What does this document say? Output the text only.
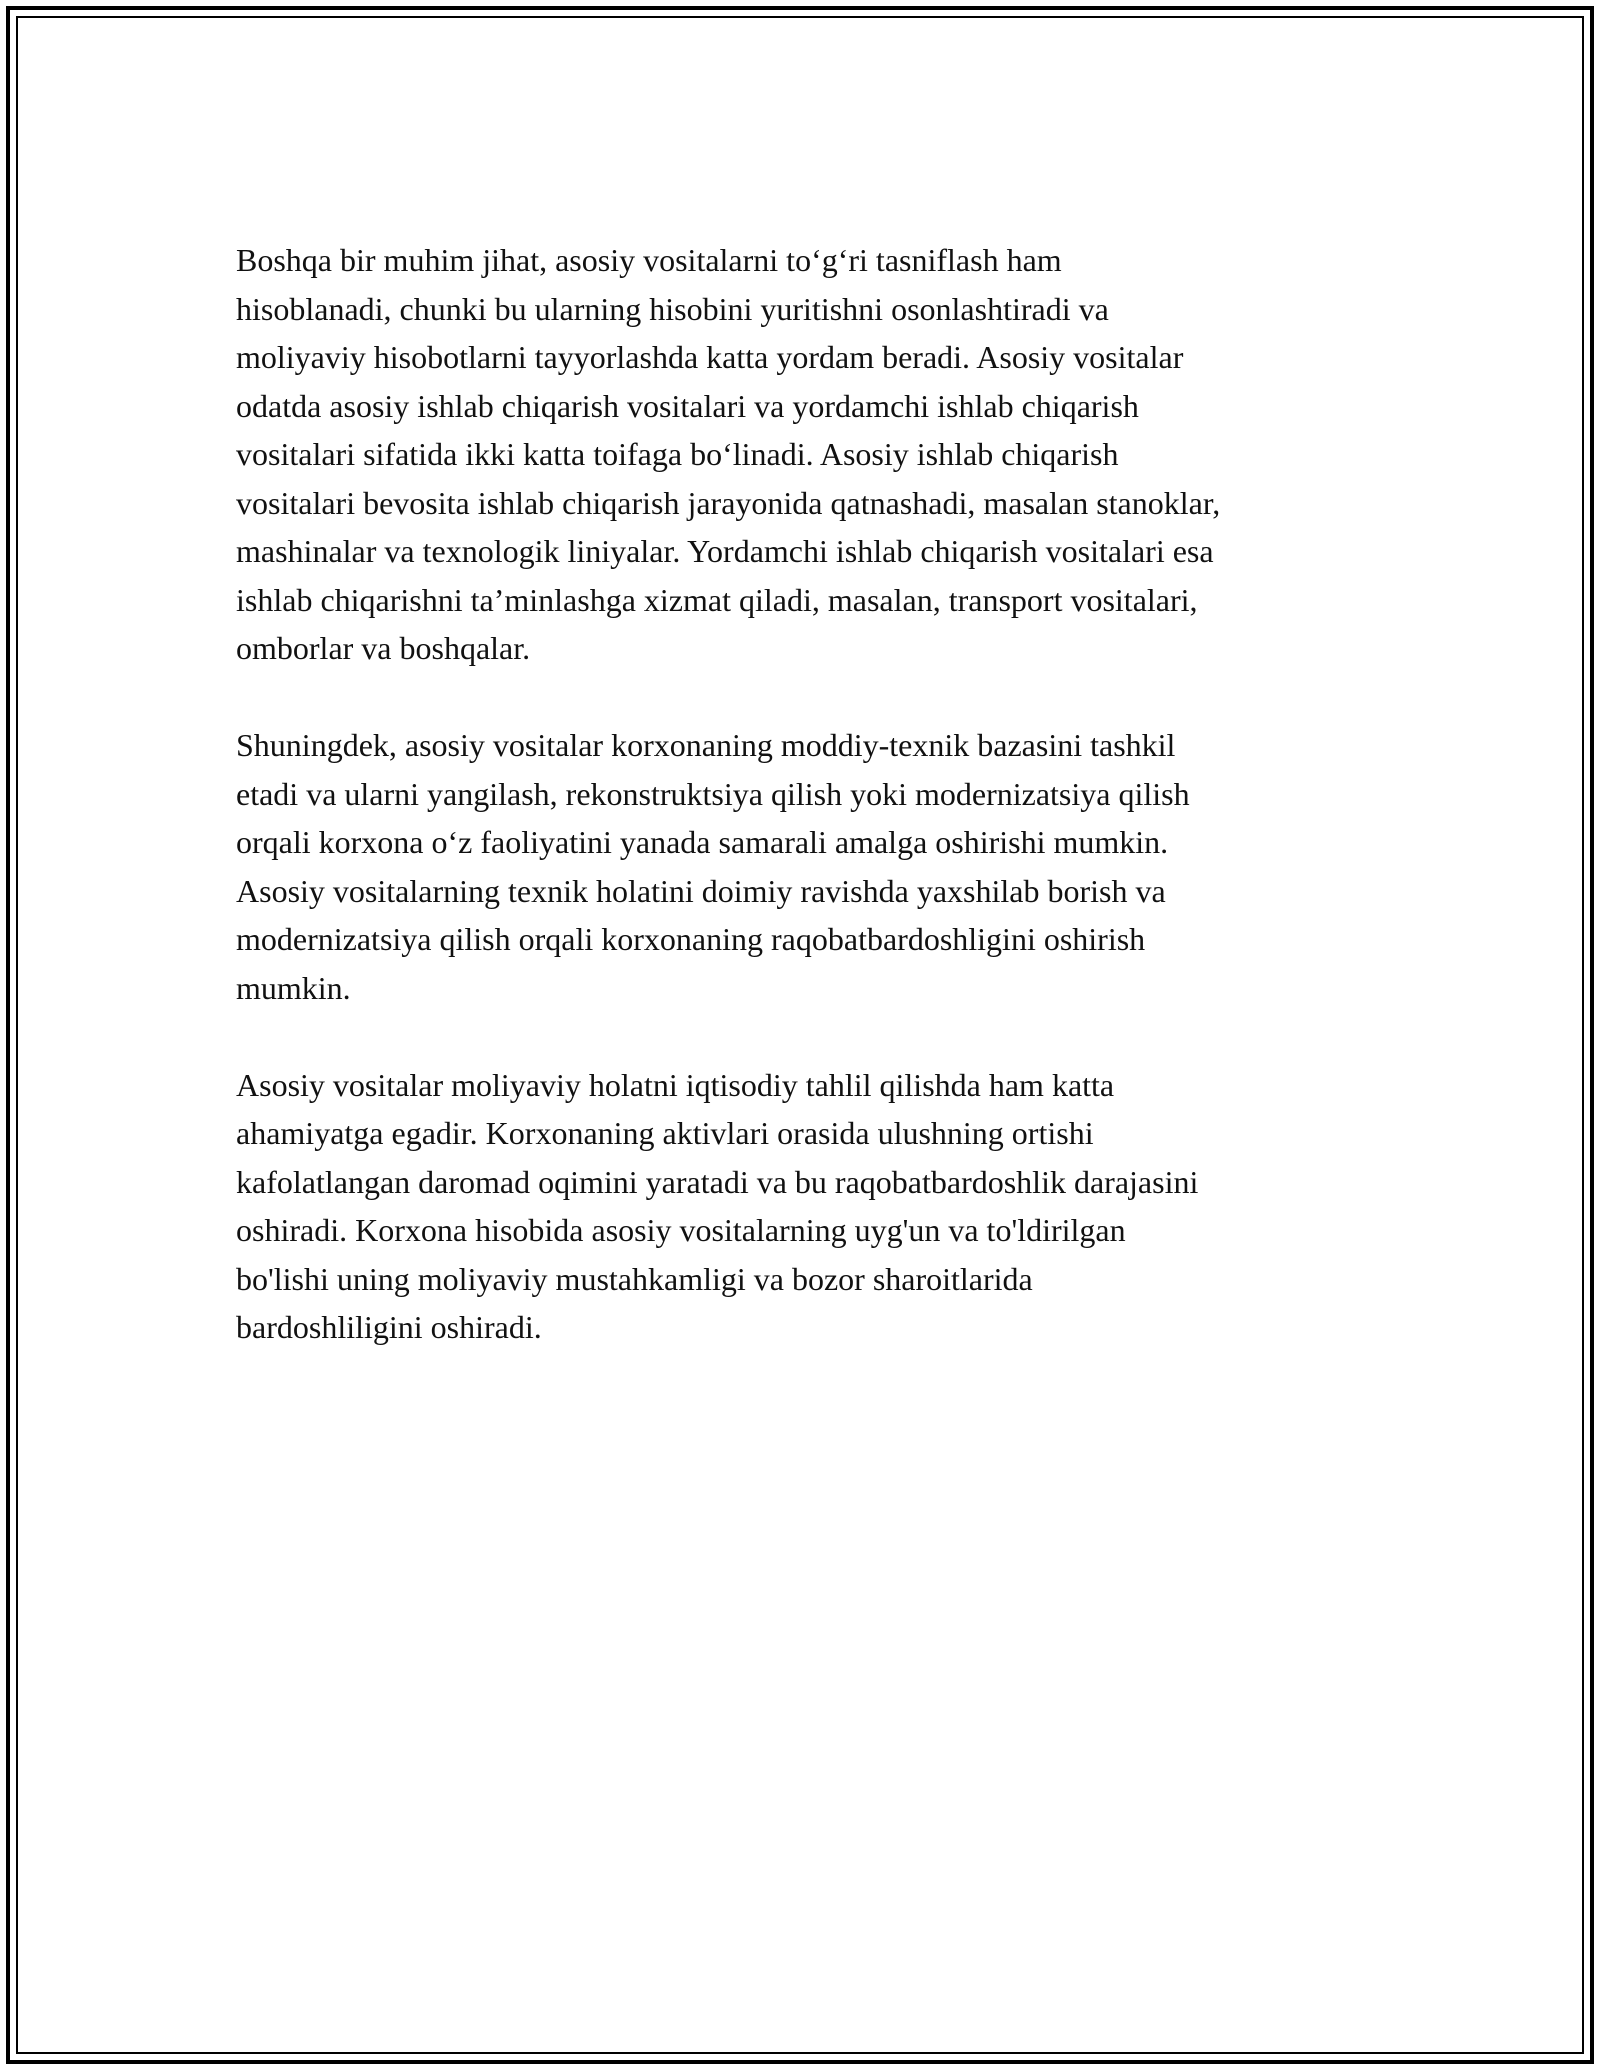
Boshqa bir muhim jihat, asosiy vositalarni to‘g‘ri tasniflash ham
hisoblanadi, chunki bu ularning hisobini yuritishni osonlashtiradi va
moliyaviy hisobotlarni tayyorlashda katta yordam beradi. Asosiy vositalar
odatda asosiy ishlab chiqarish vositalari va yordamchi ishlab chiqarish
vositalari sifatida ikki katta toifaga bo‘linadi. Asosiy ishlab chiqarish
vositalari bevosita ishlab chiqarish jarayonida qatnashadi, masalan stanoklar,
mashinalar va texnologik liniyalar. Yordamchi ishlab chiqarish vositalari esa
ishlab chiqarishni ta’minlashga xizmat qiladi, masalan, transport vositalari,
omborlar va boshqalar.

Shuningdek, asosiy vositalar korxonaning moddiy-texnik bazasini tashkil
etadi va ularni yangilash, rekonstruktsiya qilish yoki modernizatsiya qilish
orqali korxona o‘z faoliyatini yanada samarali amalga oshirishi mumkin.
Asosiy vositalarning texnik holatini doimiy ravishda yaxshilab borish va
modernizatsiya qilish orqali korxonaning raqobatbardoshligini oshirish
mumkin.

Asosiy vositalar moliyaviy holatni iqtisodiy tahlil qilishda ham katta
ahamiyatga egadir. Korxonaning aktivlari orasida ulushning ortishi
kafolatlangan daromad oqimini yaratadi va bu raqobatbardoshlik darajasini
oshiradi. Korxona hisobida asosiy vositalarning uyg'un va to'ldirilgan
bo'lishi uning moliyaviy mustahkamligi va bozor sharoitlarida
bardoshliligini oshiradi.
